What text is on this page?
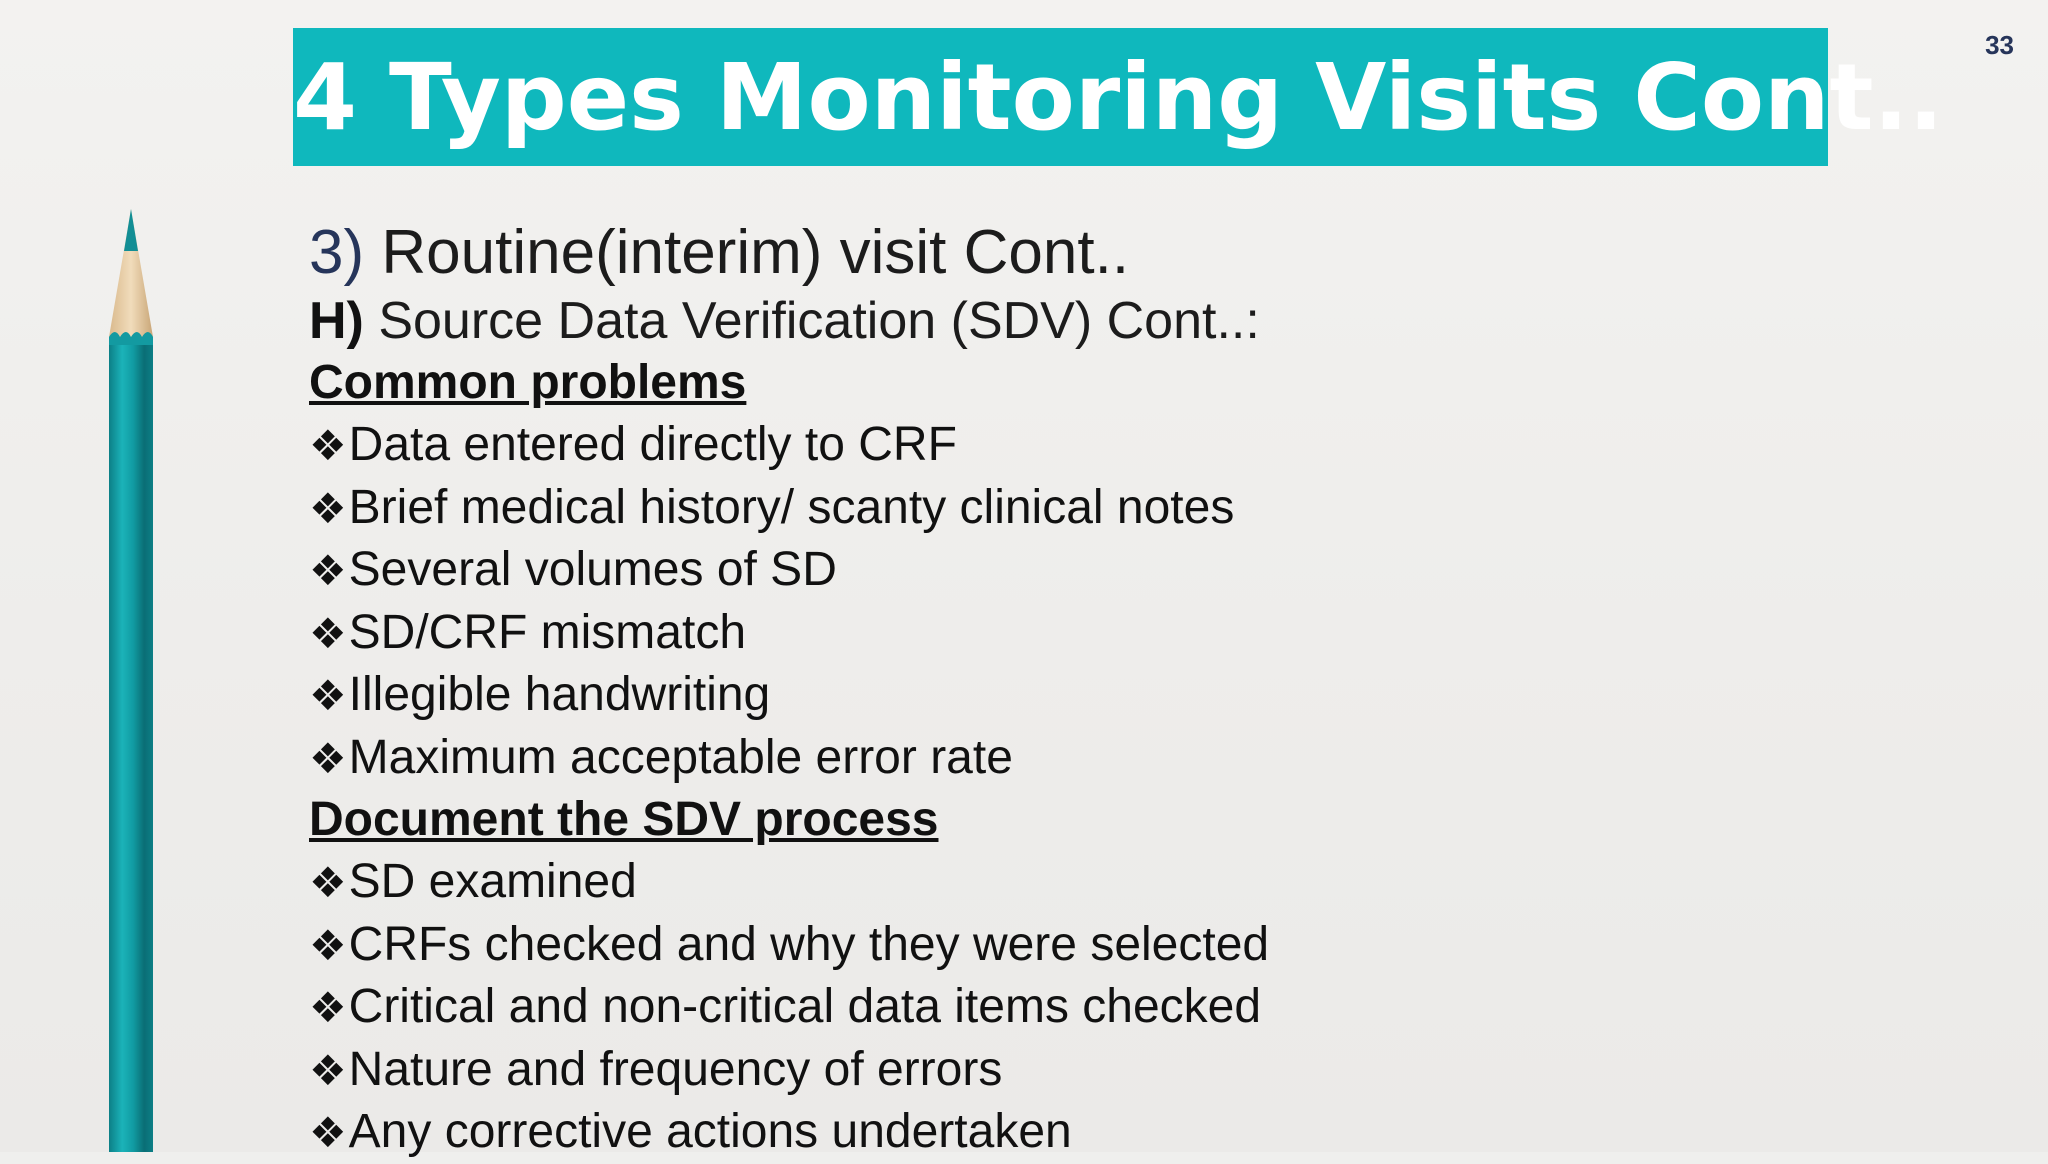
4 Types Monitoring Visits Cont.. 33
3) Routine(interim) visit Cont..
H) Source Data Verification (SDV) Cont..:
Common problems
❖Data entered directly to CRF
❖Brief medical history/ scanty clinical notes
❖Several volumes of SD
❖SD/CRF mismatch
❖Illegible handwriting
❖Maximum acceptable error rate
Document the SDV process
❖SD examined
❖CRFs checked and why they were selected
❖Critical and non-critical data items checked
❖Nature and frequency of errors
❖Any corrective actions undertaken
